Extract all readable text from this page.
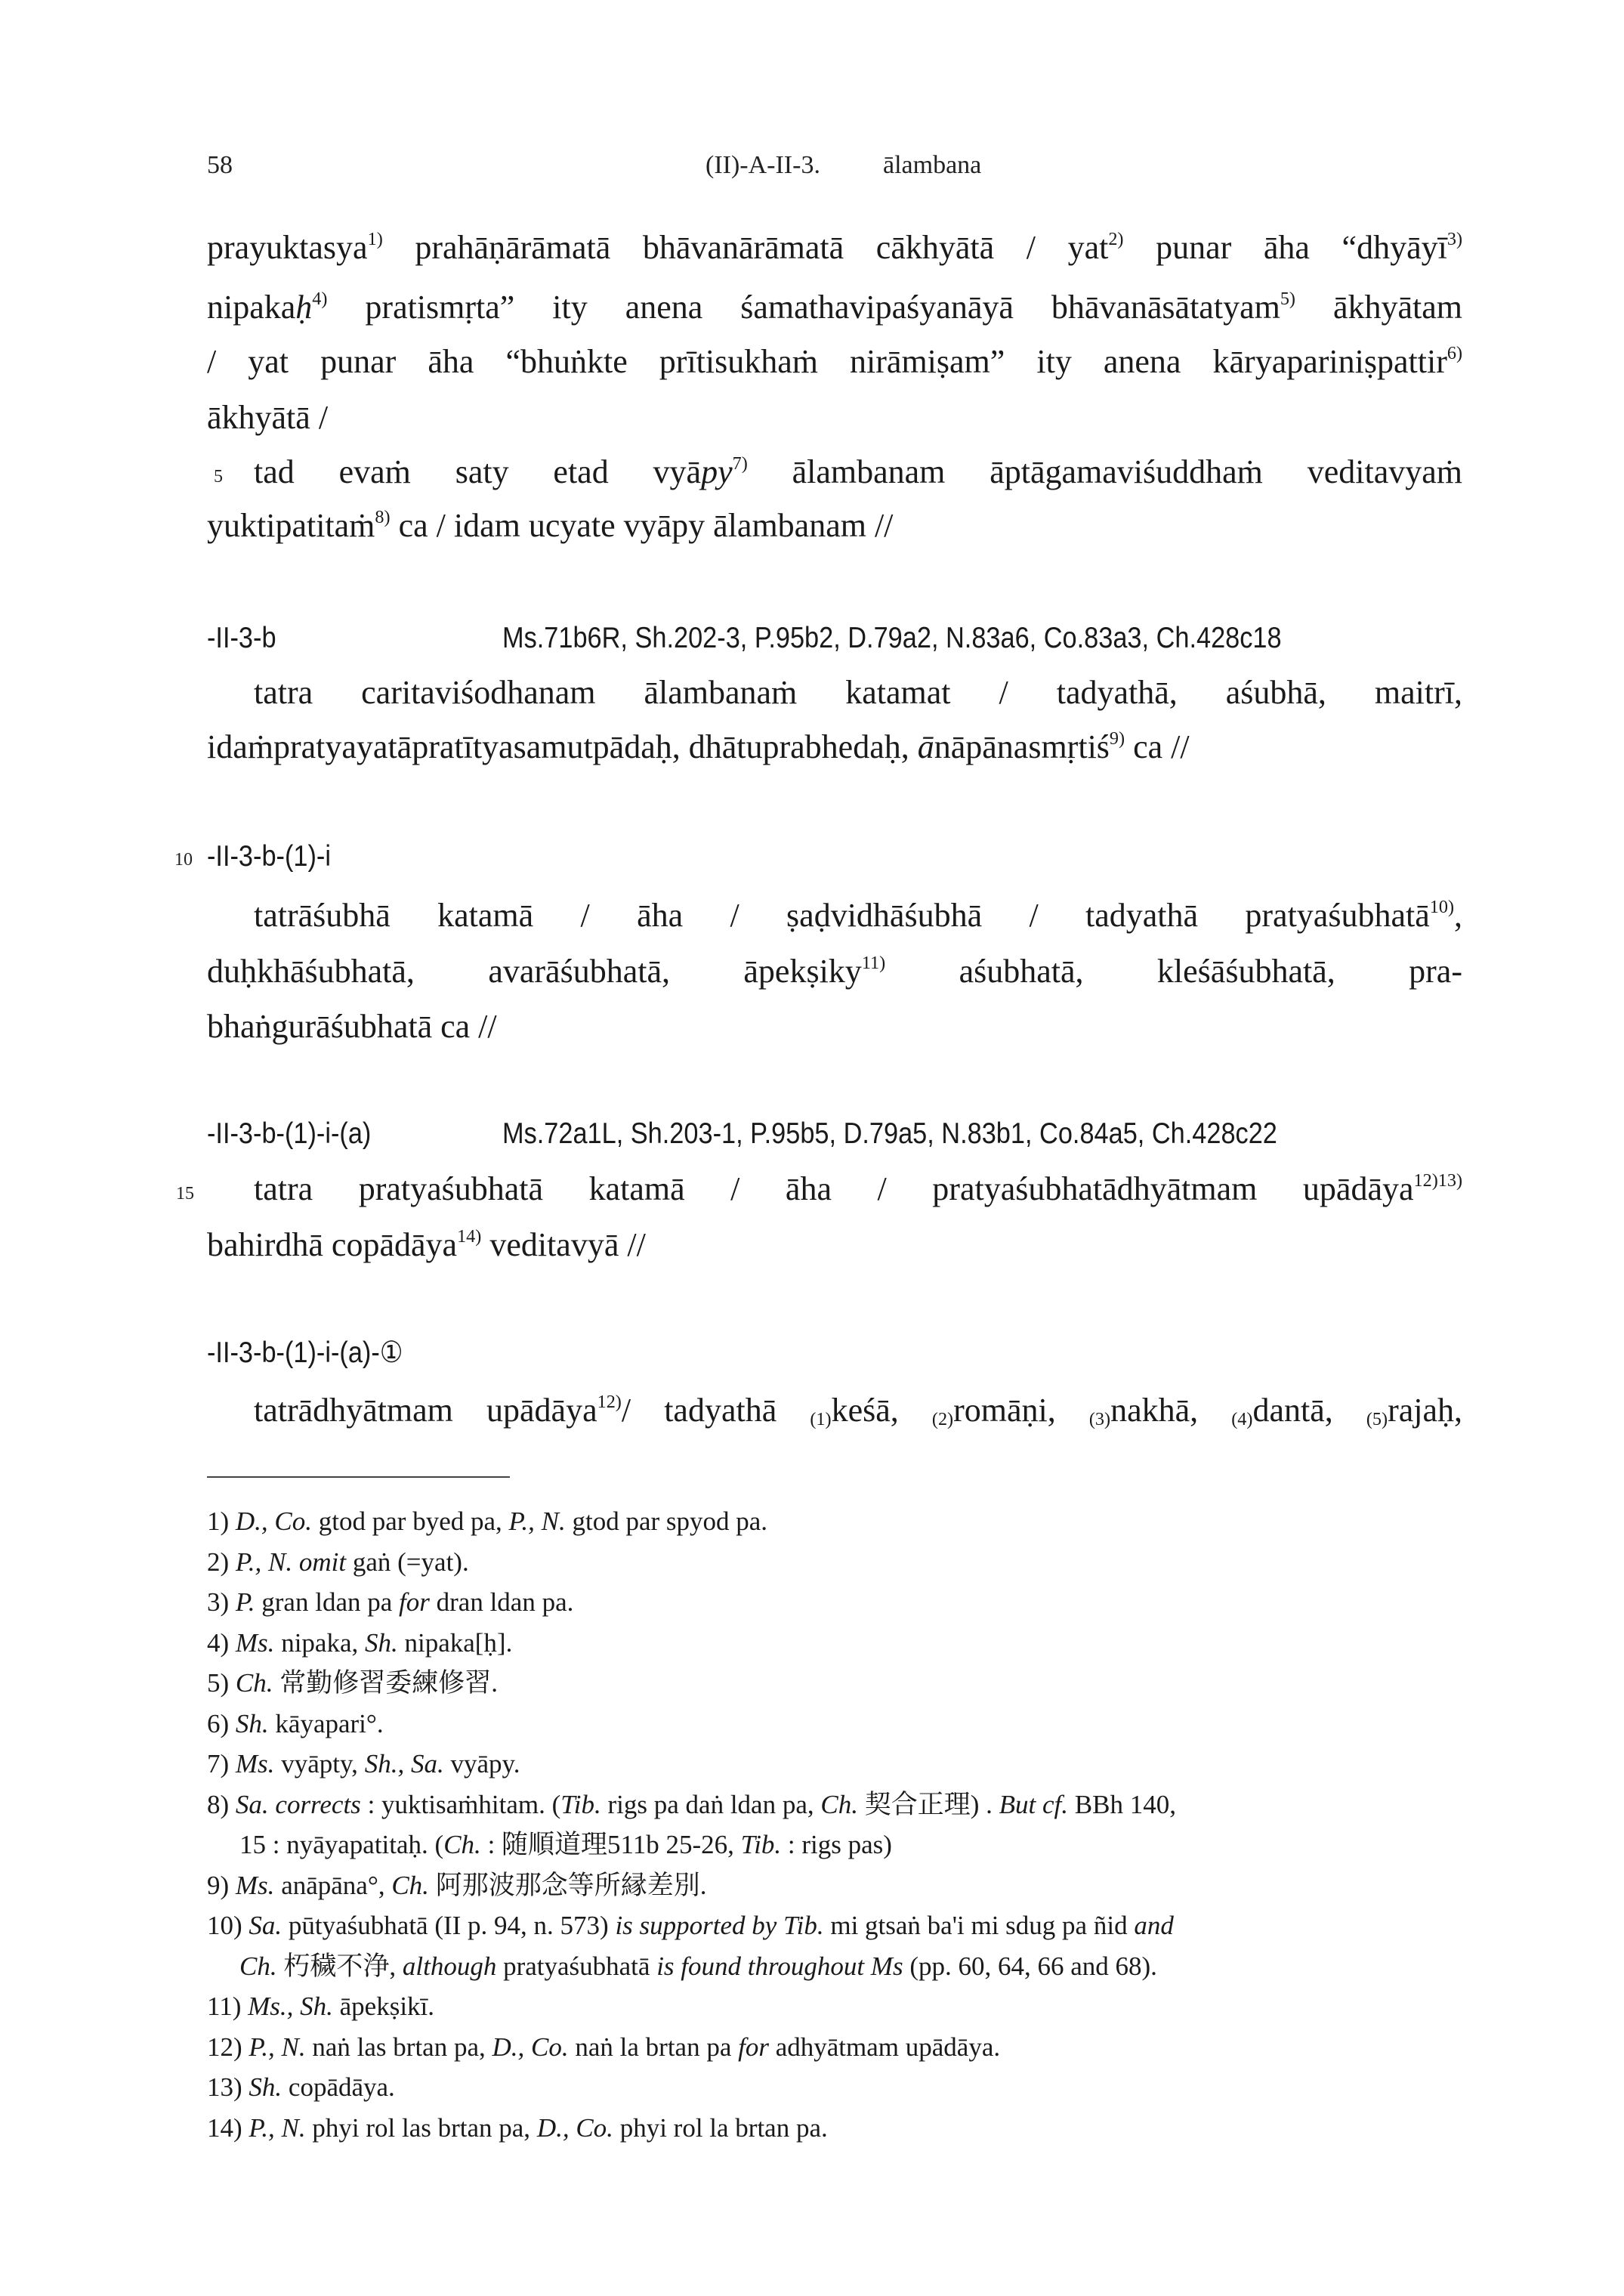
58	(II)-A-II-3. ālambana
prayuktasya$^{1)}$ prahāṇārāmatā bhāvanārāmatā cākhyātā / yat$^{2)}$ punar āha “dhyāyī$^{3)}$
nipakaḥ$^{4)}$ pratismṛta” ity anena śamathavipaśyanāyā bhāvanāsātatyam$^{5)}$ ākhyātam
/ yat punar āha “bhuṅkte prītisukhaṁ nirāmiṣam” ity anena kāryapariniṣpattir$^{6)}$
ākhyātā /
5 tad evaṁ saty etad vyāpy$^{7)}$ ālambanam āptāgamaviśuddhaṁ veditavyaṁ
yuktipatitaṁ$^{8)}$ ca / idam ucyate vyāpy ālambanam //
-II-3-b	Ms.71b6R, Sh.202-3, P.95b2, D.79a2, N.83a6, Co.83a3, Ch.428c18
tatra caritaviśodhanam ālambanaṁ katamat / tadyathā, aśubhā, maitrī,
idaṁpratyayatāpratītyasamutpādaḥ, dhātuprabhedaḥ, ānāpānasmṛtiś$^{9)}$ ca //
10 -II-3-b-(1)-i
tatrāśubhā katamā / āha / ṣaḍvidhāśubhā / tadyathā pratyaśubhatā$^{10)}$,
duḥkhāśubhatā, avarāśubhatā, āpekṣiky$^{11)}$ aśubhatā, kleśāśubhatā, pra-
bhaṅgurāśubhatā ca //
-II-3-b-(1)-i-(a)	Ms.72a1L, Sh.203-1, P.95b5, D.79a5, N.83b1, Co.84a5, Ch.428c22
15 tatra pratyaśubhatā katamā / āha / pratyaśubhatādhyātmam upādāya$^{12)13)}$
bahirdhā copādāya$^{14)}$ veditavyā //
-II-3-b-(1)-i-(a)-①
tatrādhyātmam upādāya$^{12)}$/ tadyathā $_{(1)}$keśā, $_{(2)}$romāṇi, $_{(3)}$nakhā, $_{(4)}$dantā, $_{(5)}$rajaḥ,
1) D., Co. gtod par byed pa, P., N. gtod par spyod pa.
2) P., N. omit gaṅ (=yat).
3) P. gran ldan pa for dran ldan pa.
4) Ms. nipaka, Sh. nipaka[ḥ].
5) Ch. 常勤修習委練修習.
6) Sh. kāyapari°.
7) Ms. vyāpty, Sh., Sa. vyāpy.
8) Sa. corrects : yuktisaṁhitam. (Tib. rigs pa daṅ ldan pa, Ch. 契合正理) . But cf. BBh 140,
15 : nyāyapatitaḥ. (Ch. : 随順道理511b 25-26, Tib. : rigs pas)
9) Ms. anāpāna°, Ch. 阿那波那念等所縁差別.
10) Sa. pūtyaśubhatā (II p. 94, n. 573) is supported by Tib. mi gtsaṅ ba'i mi sdug pa ñid and
Ch. 朽穢不浄, although pratyaśubhatā is found throughout Ms (pp. 60, 64, 66 and 68).
11) Ms., Sh. āpekṣikī.
12) P., N. naṅ las brtan pa, D., Co. naṅ la brtan pa for adhyātmam upādāya.
13) Sh. copādāya.
14) P., N. phyi rol las brtan pa, D., Co. phyi rol la brtan pa.
